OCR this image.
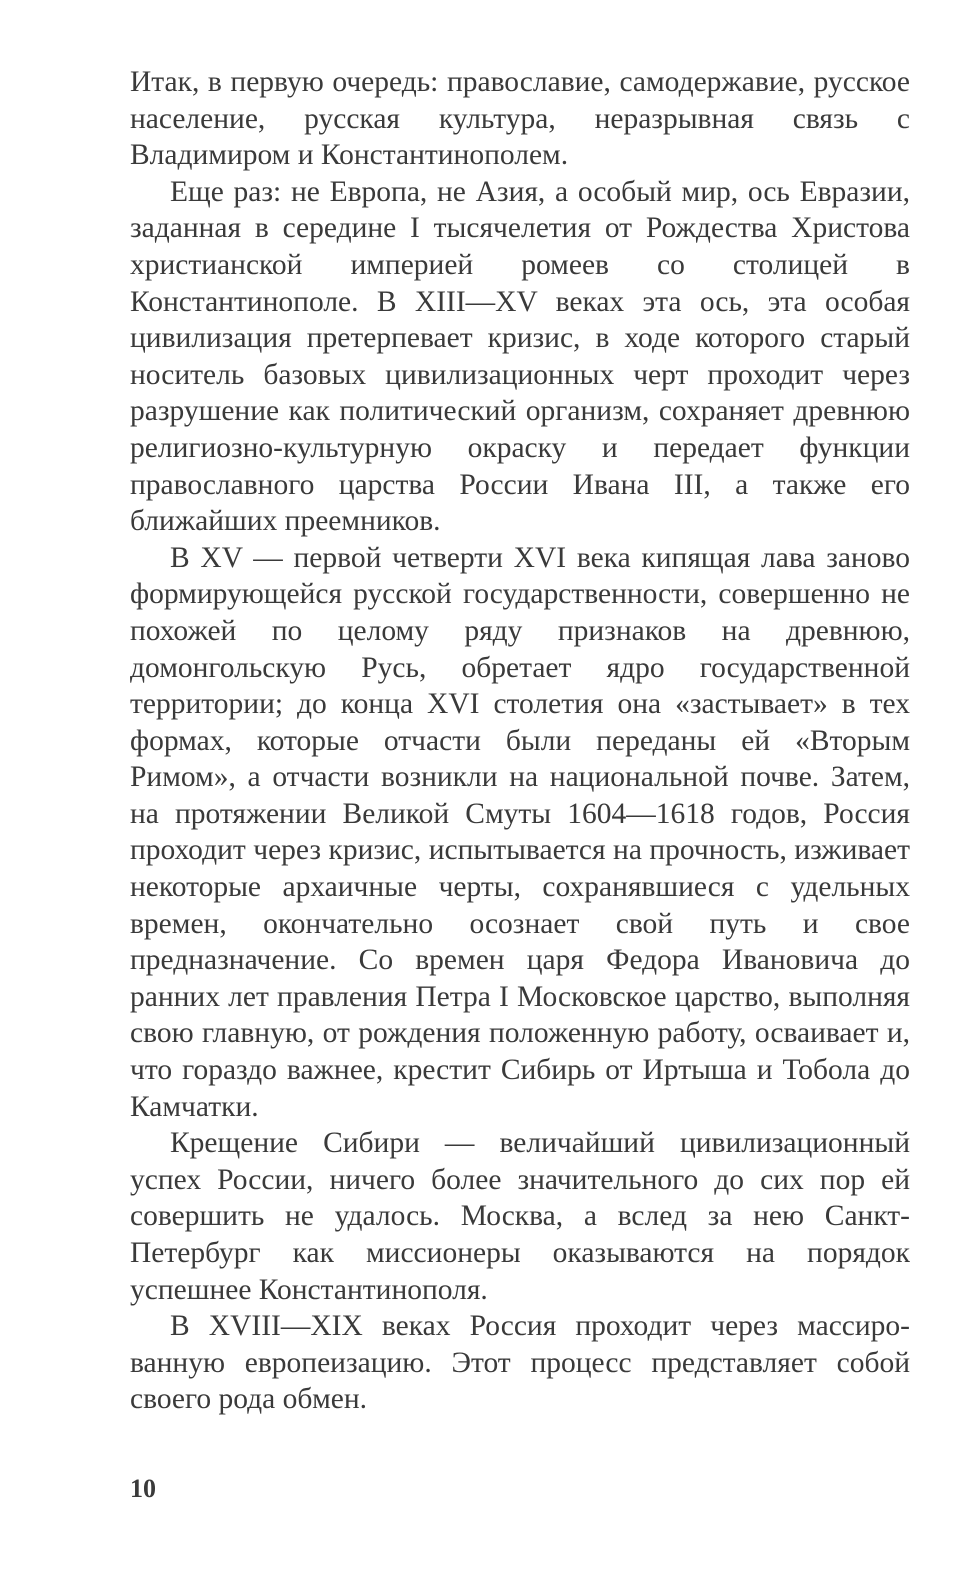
Итак, в первую очередь: православие, самодержавие, русское население, русская культура, неразрывная связь с Владимиром и Константинополем.

Еще раз: не Европа, не Азия, а особый мир, ось Евразии, заданная в середине I тысячелетия от Рождества Христова христианской империей ромеев со столицей в Константинополе. В XIII—XV веках эта ось, эта особая цивилизация претерпевает кризис, в ходе которого старый носитель базовых цивилизационных черт проходит через разрушение как политический организм, сохраняет древнюю религиозно-культурную окраску и передает функции православного царства России Ивана III, а также его ближайших преемников.

В XV — первой четверти XVI века кипящая лава заново формирующейся русской государственности, совершенно не похожей по целому ряду признаков на древнюю, домонгольскую Русь, обретает ядро государственной территории; до конца XVI столетия она «застывает» в тех формах, которые отчасти были переданы ей «Вторым Римом», а отчасти возникли на национальной почве. Затем, на протяжении Великой Смуты 1604—1618 годов, Россия проходит через кризис, испытывается на прочность, изживает некоторые архаичные черты, сохранявшиеся с удельных времен, окончательно осознает свой путь и свое предназначение. Со времен царя Федора Ивановича до ранних лет правления Петра I Московское царство, выполняя свою главную, от рождения положенную работу, осваивает и, что гораздо важнее, крестит Сибирь от Иртыша и Тобола до Камчатки.

Крещение Сибири — величайший цивилизационный успех России, ничего более значительного до сих пор ей совершить не удалось. Москва, а вслед за нею Санкт-Петербург как миссионеры оказываются на порядок успешнее Константинополя.

В XVIII—XIX веках Россия проходит через массированную европеизацию. Этот процесс представляет собой своего рода обмен.

10
